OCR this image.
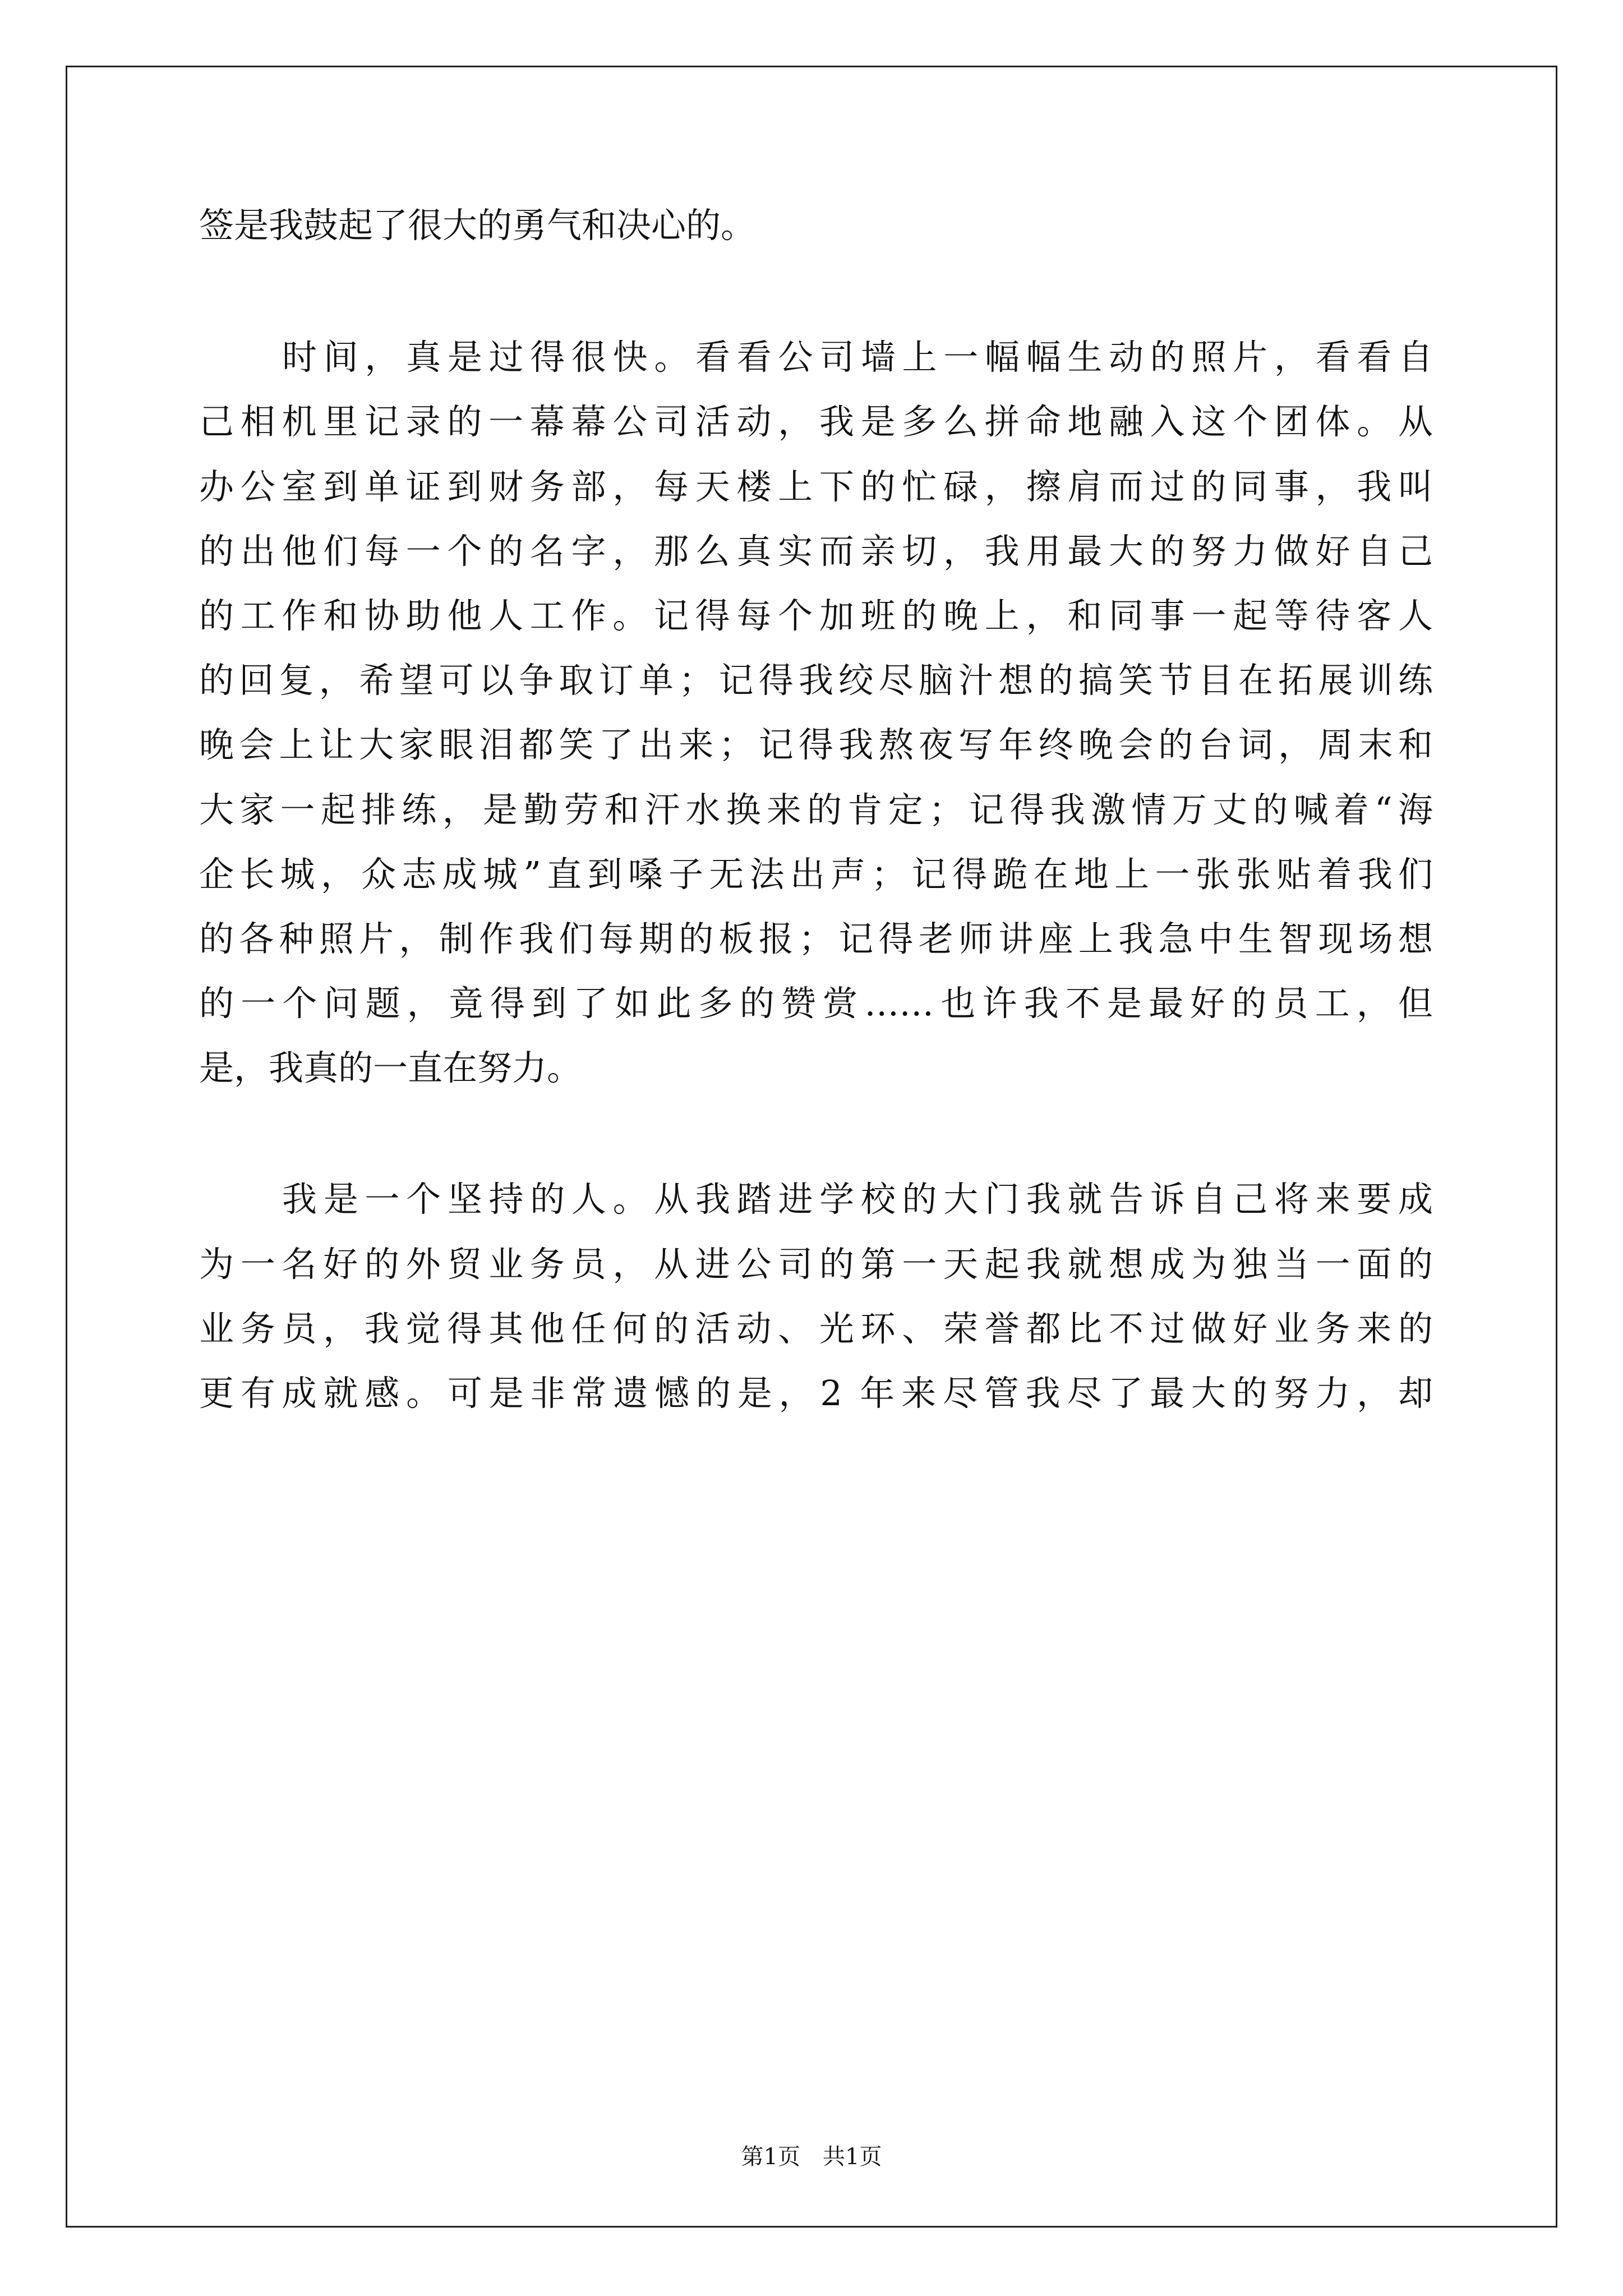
签是我鼓起了很大的勇气和决心的。
时间，真是过得很快。看看公司墙上一幅幅生动的照片，看看自
己相机里记录的一幕幕公司活动，我是多么拼命地融入这个团体。从
办公室到单证到财务部，每天楼上下的忙碌，擦肩而过的同事，我叫
的出他们每一个的名字，那么真实而亲切，我用最大的努力做好自己
的工作和协助他人工作。记得每个加班的晚上，和同事一起等待客人
的回复，希望可以争取订单；记得我绞尽脑汁想的搞笑节目在拓展训练
晚会上让大家眼泪都笑了出来；记得我熬夜写年终晚会的台词，周末和
大家一起排练，是勤劳和汗水换来的肯定；记得我激情万丈的喊着“海
企长城，众志成城”直到嗓子无法出声；记得跪在地上一张张贴着我们
的各种照片，制作我们每期的板报；记得老师讲座上我急中生智现场想
的一个问题，竟得到了如此多的赞赏……也许我不是最好的员工，但
是，我真的一直在努力。
我是一个坚持的人。从我踏进学校的大门我就告诉自己将来要成
为一名好的外贸业务员，从进公司的第一天起我就想成为独当一面的
业务员，我觉得其他任何的活动、光环、荣誉都比不过做好业务来的
更有成就感。可是非常遗憾的是，2 年来尽管我尽了最大的努力，却
第1页　共1页
